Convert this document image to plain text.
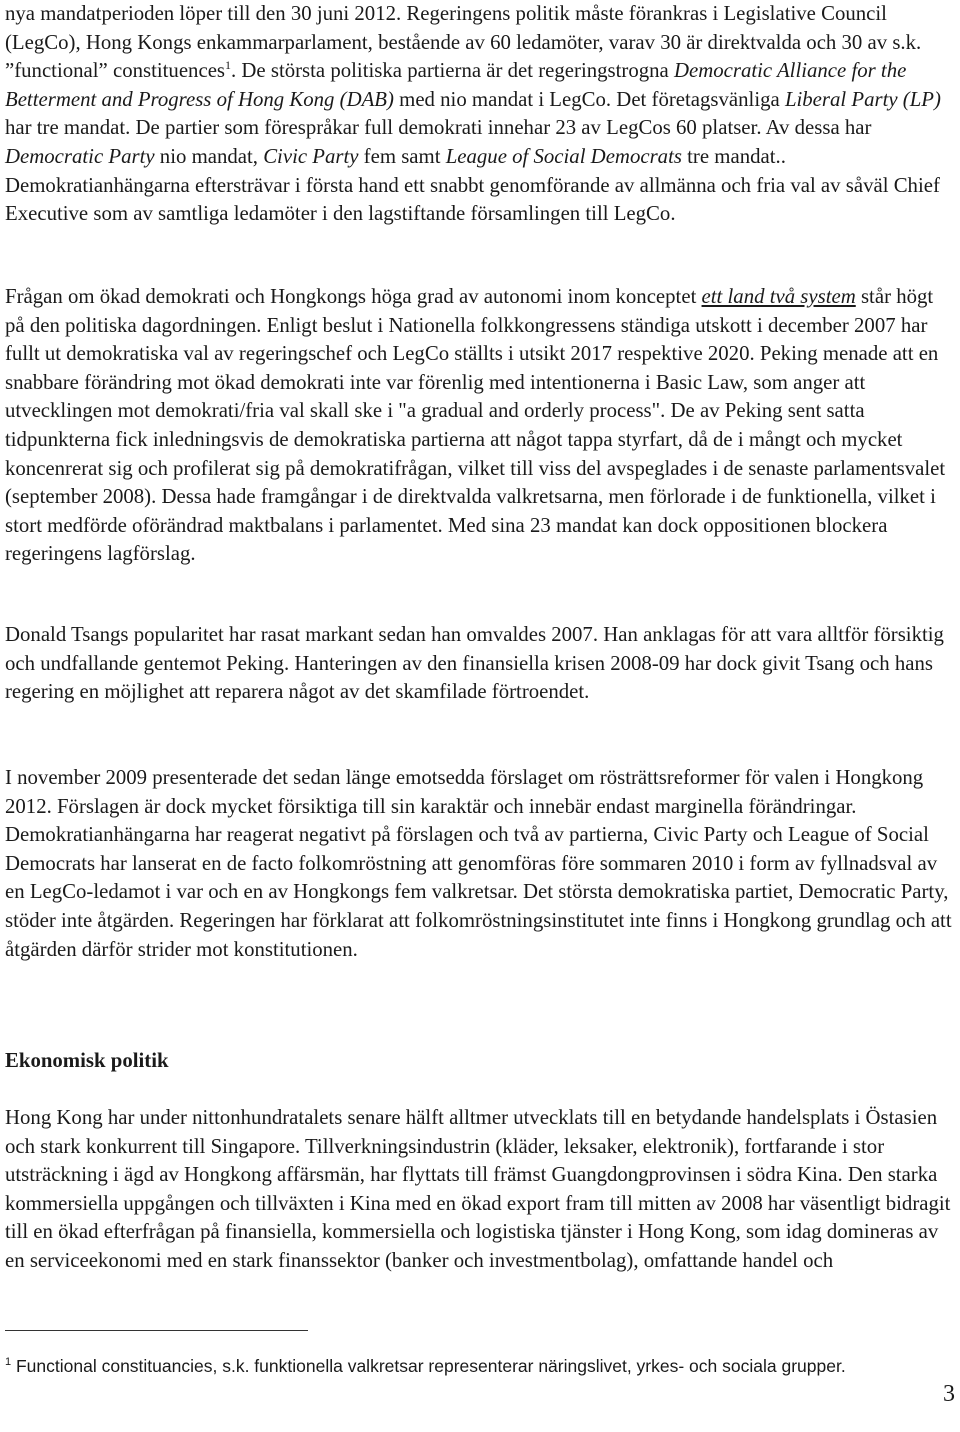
nya mandatperioden löper till den 30 juni 2012. Regeringens politik måste förankras i Legislative Council (LegCo), Hong Kongs enkammarparlament, bestående av 60 ledamöter, varav 30 är direktvalda och 30 av s.k. ”functional” constituences$^1$. De största politiska partierna är det regeringstrogna Democratic Alliance for the Betterment and Progress of Hong Kong (DAB) med nio mandat i LegCo. Det företagsvänliga Liberal Party (LP) har tre mandat. De partier som förespråkar full demokrati innehar 23 av LegCos 60 platser. Av dessa har Democratic Party nio mandat, Civic Party fem samt League of Social Democrats tre mandat.. Demokratianhängarna eftersträvar i första hand ett snabbt genomförande av allmänna och fria val av såväl Chief Executive som av samtliga ledamöter i den lagstiftande församlingen till LegCo.

Frågan om ökad demokrati och Hongkongs höga grad av autonomi inom konceptet ett land två system står högt på den politiska dagordningen. Enligt beslut i Nationella folkkongressens ständiga utskott i december 2007 har fullt ut demokratiska val av regeringschef och LegCo ställts i utsikt 2017 respektive 2020. Peking menade att en snabbare förändring mot ökad demokrati inte var förenlig med intentionerna i Basic Law, som anger att utvecklingen mot demokrati/fria val skall ske i "a gradual and orderly process". De av Peking sent satta tidpunkterna fick inledningsvis de demokratiska partierna att något tappa styrfart, då de i mångt och mycket koncenrerat sig och profilerat sig på demokratifrågan, vilket till viss del avspeglades i de senaste parlamentsvalet (september 2008). Dessa hade framgångar i de direktvalda valkretsarna, men förlorade i de funktionella, vilket i stort medförde oförändrad maktbalans i parlamentet. Med sina 23 mandat kan dock oppositionen blockera regeringens lagförslag.

Donald Tsangs popularitet har rasat markant sedan han omvaldes 2007. Han anklagas för att vara alltför försiktig och undfallande gentemot Peking. Hanteringen av den finansiella krisen 2008-09 har dock givit Tsang och hans regering en möjlighet att reparera något av det skamfilade förtroendet.

I november 2009 presenterade det sedan länge emotsedda förslaget om rösträttsreformer för valen i Hongkong 2012. Förslagen är dock mycket försiktiga till sin karaktär och innebär endast marginella förändringar. Demokratianhängarna har reagerat negativt på förslagen och två av partierna, Civic Party och League of Social Democrats har lanserat en de facto folkomröstning att genomföras före sommaren 2010 i form av fyllnadsval av en LegCo-ledamot i var och en av Hongkongs fem valkretsar. Det största demokratiska partiet, Democratic Party, stöder inte åtgärden. Regeringen har förklarat att folkomröstningsinstitutet inte finns i Hongkong grundlag och att åtgärden därför strider mot konstitutionen.

Ekonomisk politik

Hong Kong har under nittonhundratalets senare hälft alltmer utvecklats till en betydande handelsplats i Östasien och stark konkurrent till Singapore. Tillverkningsindustrin (kläder, leksaker, elektronik), fortfarande i stor utsträckning i ägd av Hongkong affärsmän, har flyttats till främst Guangdongprovinsen i södra Kina. Den starka kommersiella uppgången och tillväxten i Kina med en ökad export fram till mitten av 2008 har väsentligt bidragit till en ökad efterfrågan på finansiella, kommersiella och logistiska tjänster i Hong Kong, som idag domineras av en serviceekonomi med en stark finanssektor (banker och investmentbolag), omfattande handel och

$^1$ Functional constituancies, s.k. funktionella valkretsar representerar näringslivet, yrkes- och sociala grupper.

3
